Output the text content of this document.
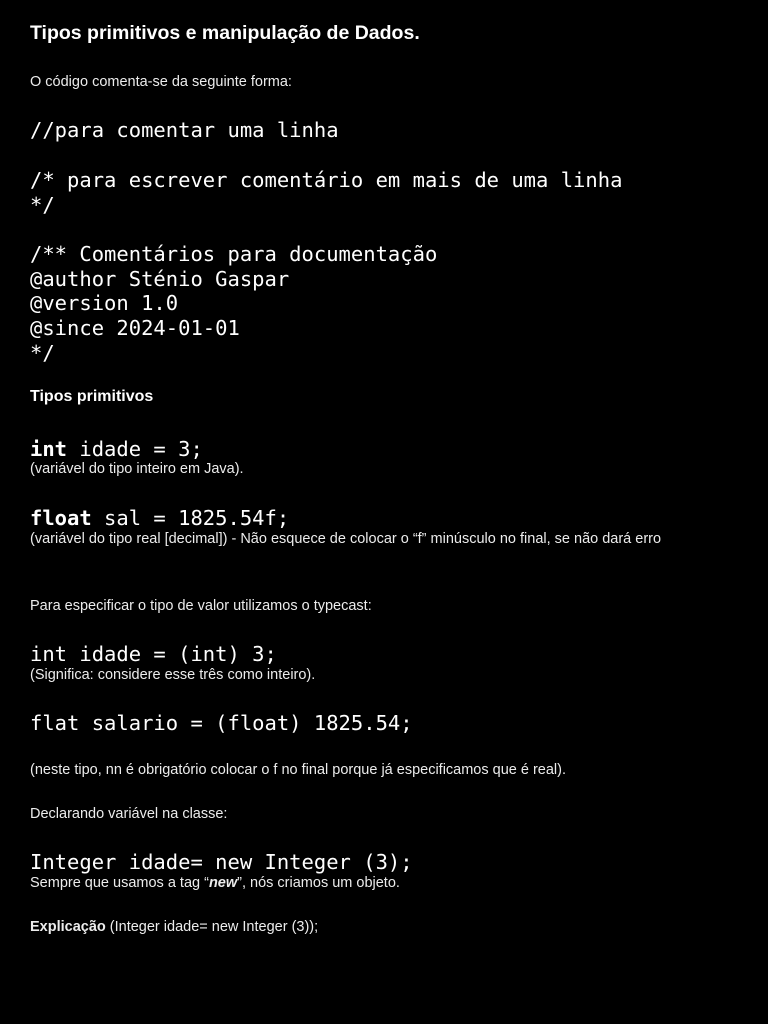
Tipos primitivos e manipulação de Dados.
O código comenta-se da seguinte forma:
//para comentar uma linha
/* para escrever comentário em mais de uma linha
*/
/** Comentários para documentação
@author Sténio Gaspar
@version 1.0
@since 2024-01-01
*/
Tipos primitivos
int idade = 3;
(variável do tipo inteiro em Java).
float sal = 1825.54f;
(variável do tipo real [decimal]) - Não esquece de colocar o “f” minúsculo no final, se não dará erro
Para especificar o tipo de valor utilizamos o typecast:
int idade = (int) 3;
(Significa: considere esse três como inteiro).
flat salario = (float) 1825.54;
(neste tipo, nn é obrigatório colocar o f no final porque já especificamos que é real).
Declarando variável na classe:
Integer idade= new Integer (3);
Sempre que usamos a tag “new”, nós criamos um objeto.
Explicação (Integer idade= new Integer (3));
